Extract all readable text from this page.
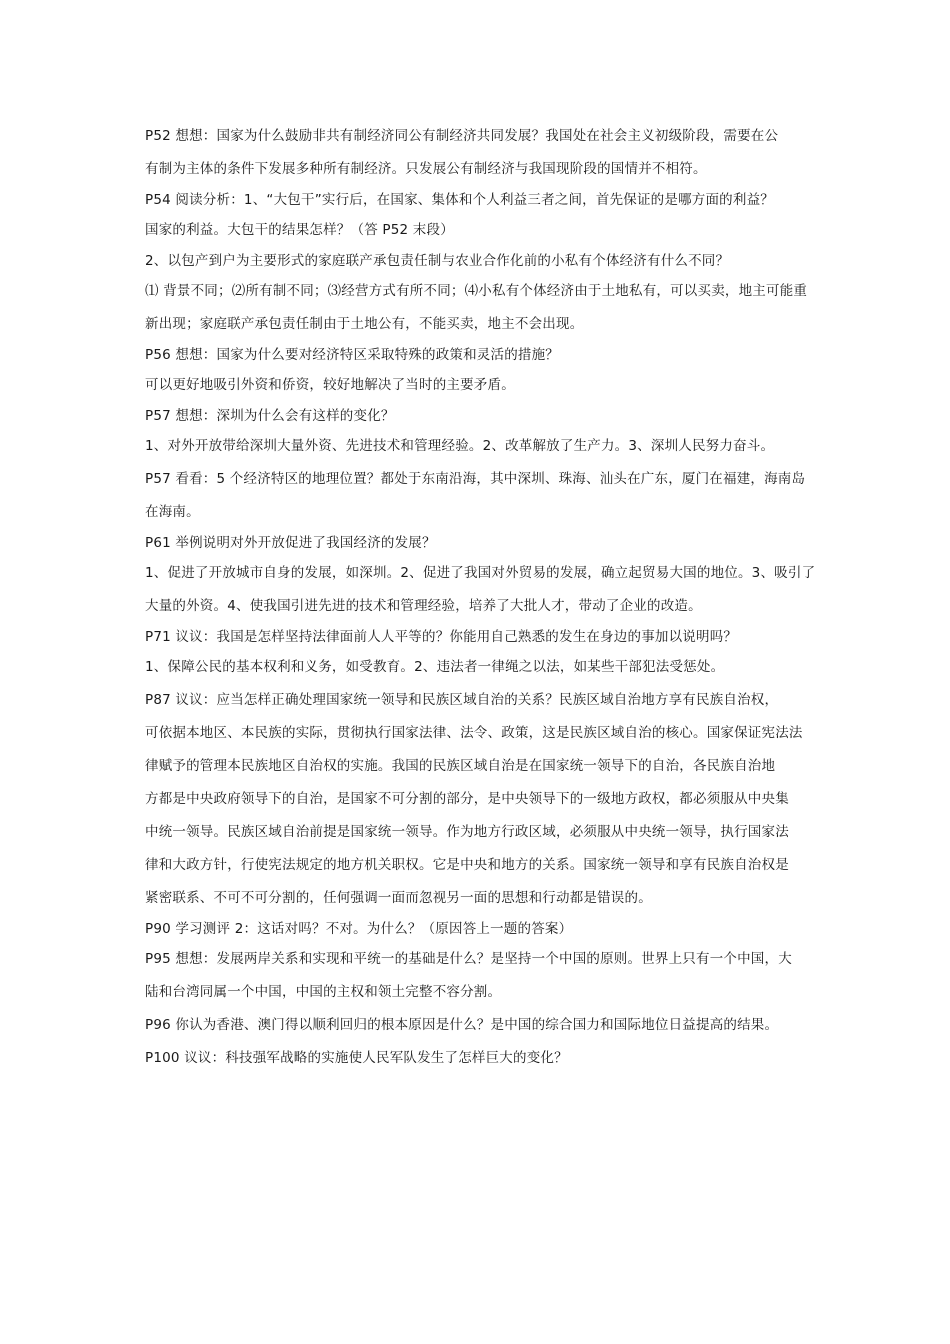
P52 想想：国家为什么鼓励非共有制经济同公有制经济共同发展？我国处在社会主义初级阶段，需要在公

有制为主体的条件下发展多种所有制经济。只发展公有制经济与我国现阶段的国情并不相符。

P54 阅读分析：1、“大包干”实行后，在国家、集体和个人利益三者之间，首先保证的是哪方面的利益？

国家的利益。大包干的结果怎样？（答 P52 末段）

2、以包产到户为主要形式的家庭联产承包责任制与农业合作化前的小私有个体经济有什么不同？

⑴ 背景不同；⑵所有制不同；⑶经营方式有所不同；⑷小私有个体经济由于土地私有，可以买卖，地主可能重

新出现；家庭联产承包责任制由于土地公有，不能买卖，地主不会出现。

P56 想想：国家为什么要对经济特区采取特殊的政策和灵活的措施？

可以更好地吸引外资和侨资，较好地解决了当时的主要矛盾。

P57 想想：深圳为什么会有这样的变化？

1、对外开放带给深圳大量外资、先进技术和管理经验。2、改革解放了生产力。3、深圳人民努力奋斗。

P57 看看：5 个经济特区的地理位置？都处于东南沿海，其中深圳、珠海、汕头在广东，厦门在福建，海南岛

在海南。

P61 举例说明对外开放促进了我国经济的发展？

1、促进了开放城市自身的发展，如深圳。2、促进了我国对外贸易的发展，确立起贸易大国的地位。3、吸引了

大量的外资。4、使我国引进先进的技术和管理经验，培养了大批人才，带动了企业的改造。

P71 议议：我国是怎样坚持法律面前人人平等的？你能用自己熟悉的发生在身边的事加以说明吗？

1、保障公民的基本权利和义务，如受教育。2、违法者一律绳之以法，如某些干部犯法受惩处。

P87 议议：应当怎样正确处理国家统一领导和民族区域自治的关系？民族区域自治地方享有民族自治权，

可依据本地区、本民族的实际，贯彻执行国家法律、法令、政策，这是民族区域自治的核心。国家保证宪法法

律赋予的管理本民族地区自治权的实施。我国的民族区域自治是在国家统一领导下的自治，各民族自治地

方都是中央政府领导下的自治，是国家不可分割的部分，是中央领导下的一级地方政权，都必须服从中央集

中统一领导。民族区域自治前提是国家统一领导。作为地方行政区域，必须服从中央统一领导，执行国家法

律和大政方针，行使宪法规定的地方机关职权。它是中央和地方的关系。国家统一领导和享有民族自治权是

紧密联系、不可不可分割的，任何强调一面而忽视另一面的思想和行动都是错误的。

P90 学习测评 2：这话对吗？不对。为什么？（原因答上一题的答案）

P95 想想：发展两岸关系和实现和平统一的基础是什么？是坚持一个中国的原则。世界上只有一个中国，大

陆和台湾同属一个中国，中国的主权和领土完整不容分割。

P96 你认为香港、澳门得以顺利回归的根本原因是什么？是中国的综合国力和国际地位日益提高的结果。

P100 议议：科技强军战略的实施使人民军队发生了怎样巨大的变化？
